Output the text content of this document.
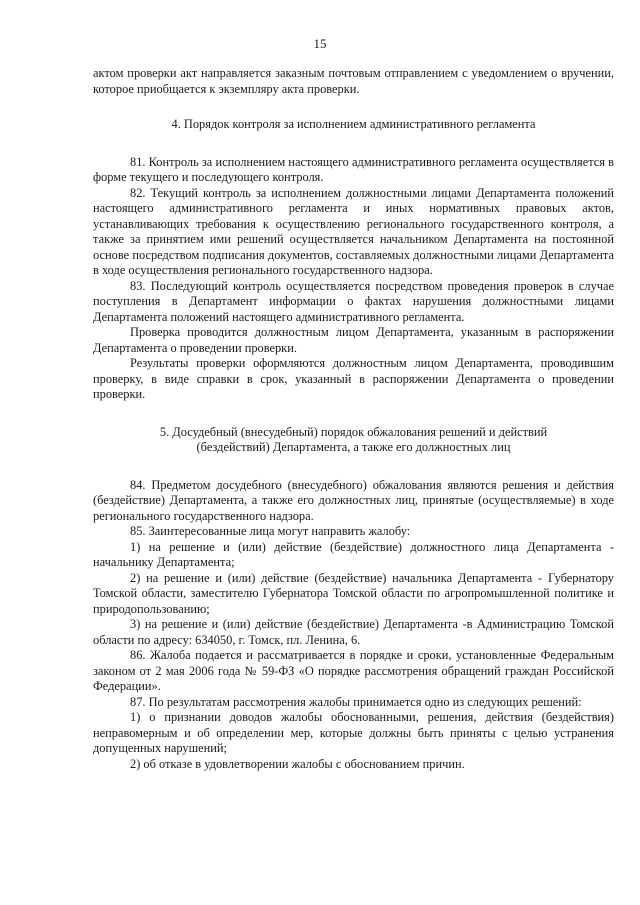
15

актом проверки акт направляется заказным почтовым отправлением с уведомлением о вручении, которое приобщается к экземпляру акта проверки.

4. Порядок контроля за исполнением административного регламента

81. Контроль за исполнением настоящего административного регламента осуществляется в форме текущего и последующего контроля.

82. Текущий контроль за исполнением должностными лицами Департамента положений настоящего административного регламента и иных нормативных правовых актов, устанавливающих требования к осуществлению регионального государственного контроля, а также за принятием ими решений осуществляется начальником Департамента на постоянной основе посредством подписания документов, составляемых должностными лицами Департамента в ходе осуществления регионального государственного надзора.

83. Последующий контроль осуществляется посредством проведения проверок в случае поступления в Департамент информации о фактах нарушения должностными лицами Департамента положений настоящего административного регламента.

Проверка проводится должностным лицом Департамента, указанным в распоряжении Департамента о проведении проверки.

Результаты проверки оформляются должностным лицом Департамента, проводившим проверку, в виде справки в срок, указанный в распоряжении Департамента о проведении проверки.

5. Досудебный (внесудебный) порядок обжалования решений и действий

(бездействий) Департамента, а также его должностных лиц

84. Предметом досудебного (внесудебного) обжалования являются решения и действия (бездействие) Департамента, а также его должностных лиц, принятые (осуществляемые) в ходе регионального государственного надзора.

85. Заинтересованные лица могут направить жалобу:

1) на решение и (или) действие (бездействие) должностного лица Департамента - начальнику Департамента;

2) на решение и (или) действие (бездействие) начальника Департамента - Губернатору Томской области, заместителю Губернатора Томской области по агропромышленной политике и природопользованию;

3) на решение и (или) действие (бездействие) Департамента -в Администрацию Томской области по адресу: 634050, г. Томск, пл. Ленина, 6.

86. Жалоба подается и рассматривается в порядке и сроки, установленные Федеральным законом от 2 мая 2006 года № 59-ФЗ «О порядке рассмотрения обращений граждан Российской Федерации».

87. По результатам рассмотрения жалобы принимается одно из следующих решений:

1) о признании доводов жалобы обоснованными, решения, действия (бездействия) неправомерным и об определении мер, которые должны быть приняты с целью устранения допущенных нарушений;

2) об отказе в удовлетворении жалобы с обоснованием причин.
